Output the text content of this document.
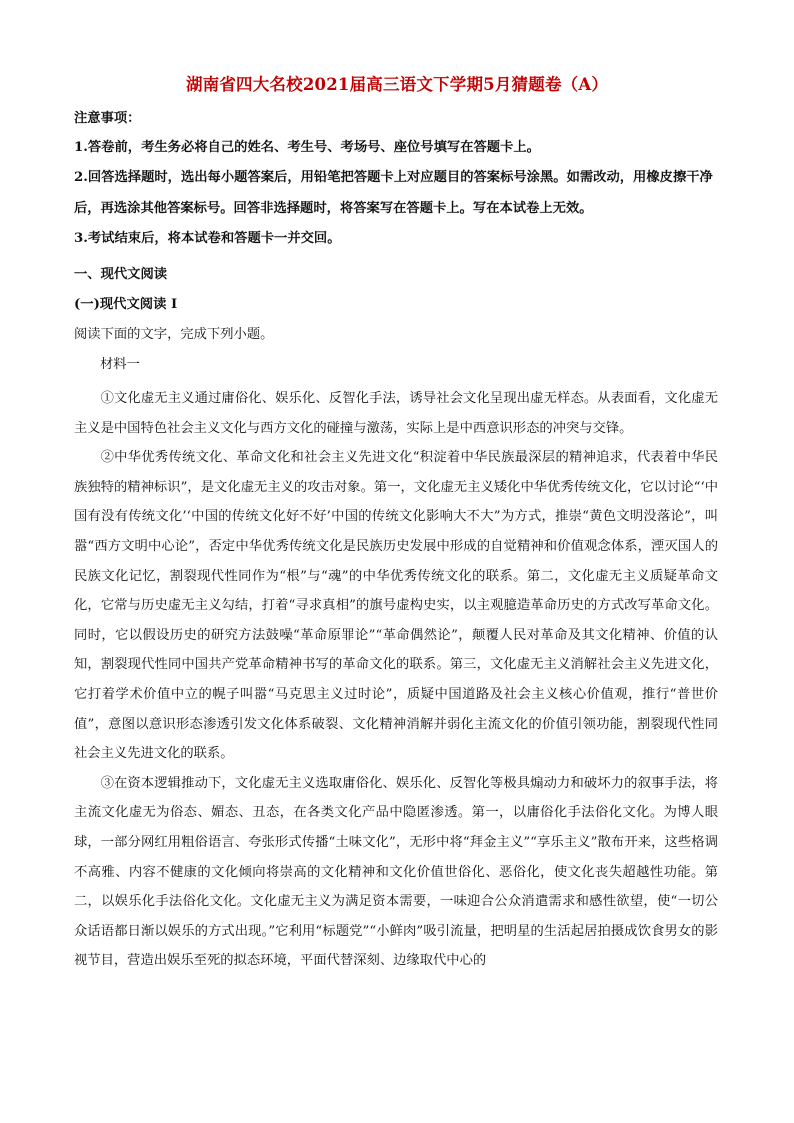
湖南省四大名校2021届高三语文下学期5月猜题卷（A）
注意事项：

1.答卷前，考生务必将自己的姓名、考生号、考场号、座位号填写在答题卡上。

2.回答选择题时，选出每小题答案后，用铅笔把答题卡上对应题目的答案标号涂黑。如需改动，用橡皮擦干净后，再选涂其他答案标号。回答非选择题时，将答案写在答题卡上。写在本试卷上无效。

3.考试结束后，将本试卷和答题卡一并交回。

一、现代文阅读
(一)现代文阅读 I
阅读下面的文字，完成下列小题。
材料一

①文化虚无主义通过庸俗化、娱乐化、反智化手法，诱导社会文化呈现出虚无样态。从表面看，文化虚无主义是中国特色社会主义文化与西方文化的碰撞与激荡，实际上是中西意识形态的冲突与交锋。

②中华优秀传统文化、革命文化和社会主义先进文化“积淀着中华民族最深层的精神追求，代表着中华民族独特的精神标识”，是文化虚无主义的攻击对象。第一，文化虚无主义矮化中华优秀传统文化，它以讨论“‘中国有没有传统文化’‘中国的传统文化好不好’中国的传统文化影响大不大”为方式，推崇“黄色文明没落论”，叫嚣“西方文明中心论”，否定中华优秀传统文化是民族历史发展中形成的自觉精神和价值观念体系，湮灭国人的民族文化记忆，割裂现代性同作为“根”与“魂”的中华优秀传统文化的联系。第二，文化虚无主义质疑革命文化，它常与历史虚无主义勾结，打着“寻求真相”的旗号虚构史实，以主观臆造革命历史的方式改写革命文化。同时，它以假设历史的研究方法鼓噪“革命原罪论”“革命偶然论”，颠覆人民对革命及其文化精神、价值的认知，割裂现代性同中国共产党革命精神书写的革命文化的联系。第三，文化虚无主义消解社会主义先进文化，它打着学术价值中立的幌子叫嚣“马克思主义过时论”，质疑中国道路及社会主义核心价值观，推行“普世价值”，意图以意识形态渗透引发文化体系破裂、文化精神消解并弱化主流文化的价值引领功能，割裂现代性同社会主义先进文化的联系。

③在资本逻辑推动下，文化虚无主义选取庸俗化、娱乐化、反智化等极具煽动力和破坏力的叙事手法，将主流文化虚无为俗态、媚态、丑态，在各类文化产品中隐匿渗透。第一，以庸俗化手法俗化文化。为博人眼球，一部分网红用粗俗语言、夸张形式传播“土味文化”，无形中将“拜金主义”“享乐主义”散布开来，这些格调不高雅、内容不健康的文化倾向将崇高的文化精神和文化价值世俗化、恶俗化，使文化丧失超越性功能。第二，以娱乐化手法俗化文化。文化虚无主义为满足资本需要，一味迎合公众消遣需求和感性欲望，使“一切公众话语都日渐以娱乐的方式出现。”它利用“标题党”“小鲜肉”吸引流量，把明星的生活起居拍摄成饮食男女的影视节目，营造出娱乐至死的拟态环境，平面代替深刻、边缘取代中心的
